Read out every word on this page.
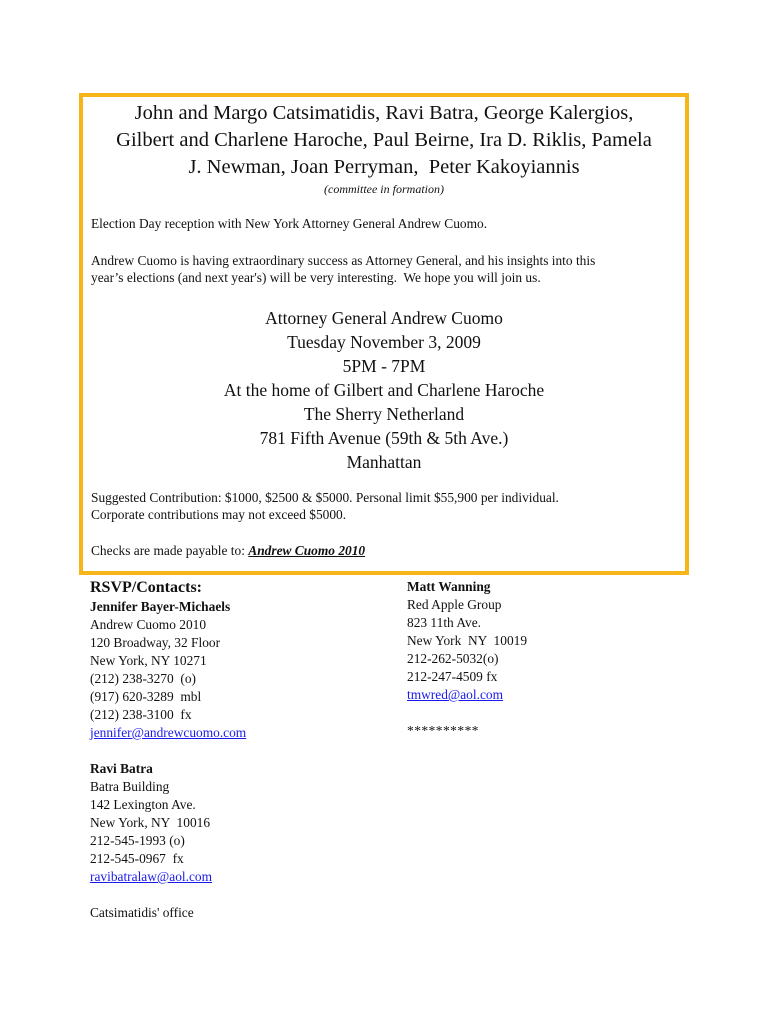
John and Margo Catsimatidis, Ravi Batra, George Kalergios,
Gilbert and Charlene Haroche, Paul Beirne, Ira D. Riklis, Pamela
J. Newman, Joan Perryman,  Peter Kakoyiannis
(committee in formation)

Election Day reception with New York Attorney General Andrew Cuomo.

Andrew Cuomo is having extraordinary success as Attorney General, and his insights into this
year’s elections (and next year's) will be very interesting.  We hope you will join us.

Attorney General Andrew Cuomo
Tuesday November 3, 2009
5PM - 7PM
At the home of Gilbert and Charlene Haroche
The Sherry Netherland
781 Fifth Avenue (59th & 5th Ave.)
Manhattan

Suggested Contribution: $1000, $2500 & $5000. Personal limit $55,900 per individual.
Corporate contributions may not exceed $5000.

Checks are made payable to: Andrew Cuomo 2010

RSVP/Contacts:
Jennifer Bayer-Michaels
Andrew Cuomo 2010
120 Broadway, 32 Floor
New York, NY 10271
(212) 238-3270  (o)
(917) 620-3289  mbl
(212) 238-3100  fx
jennifer@andrewcuomo.com
Ravi Batra
Batra Building
142 Lexington Ave.
New York, NY  10016
212-545-1993 (o)
212-545-0967  fx
ravibatralaw@aol.com
Catsimatidis' office
Matt Wanning
Red Apple Group
823 11th Ave.
New York  NY  10019
212-262-5032(o)
212-247-4509 fx
tmwred@aol.com
**********
